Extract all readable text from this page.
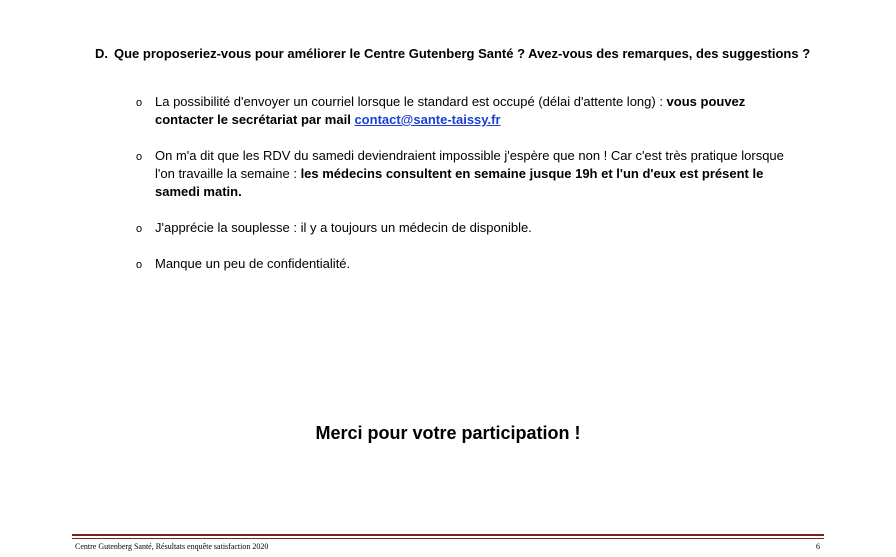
D. Que proposeriez-vous pour améliorer le Centre Gutenberg Santé ? Avez-vous des remarques, des suggestions ?
o La possibilité d'envoyer un courriel lorsque le standard est occupé (délai d'attente long) : vous pouvez contacter le secrétariat par mail contact@sante-taissy.fr
o On m'a dit que les RDV du samedi deviendraient impossible j'espère que non ! Car c'est très pratique lorsque l'on travaille la semaine : les médecins consultent en semaine jusque 19h et l'un d'eux est présent le samedi matin.
o J'apprécie la souplesse : il y a toujours un médecin de disponible.
o Manque un peu de confidentialité.
Merci pour votre participation !
Centre Gutenberg Santé, Résultats enquête satisfaction 2020	6
